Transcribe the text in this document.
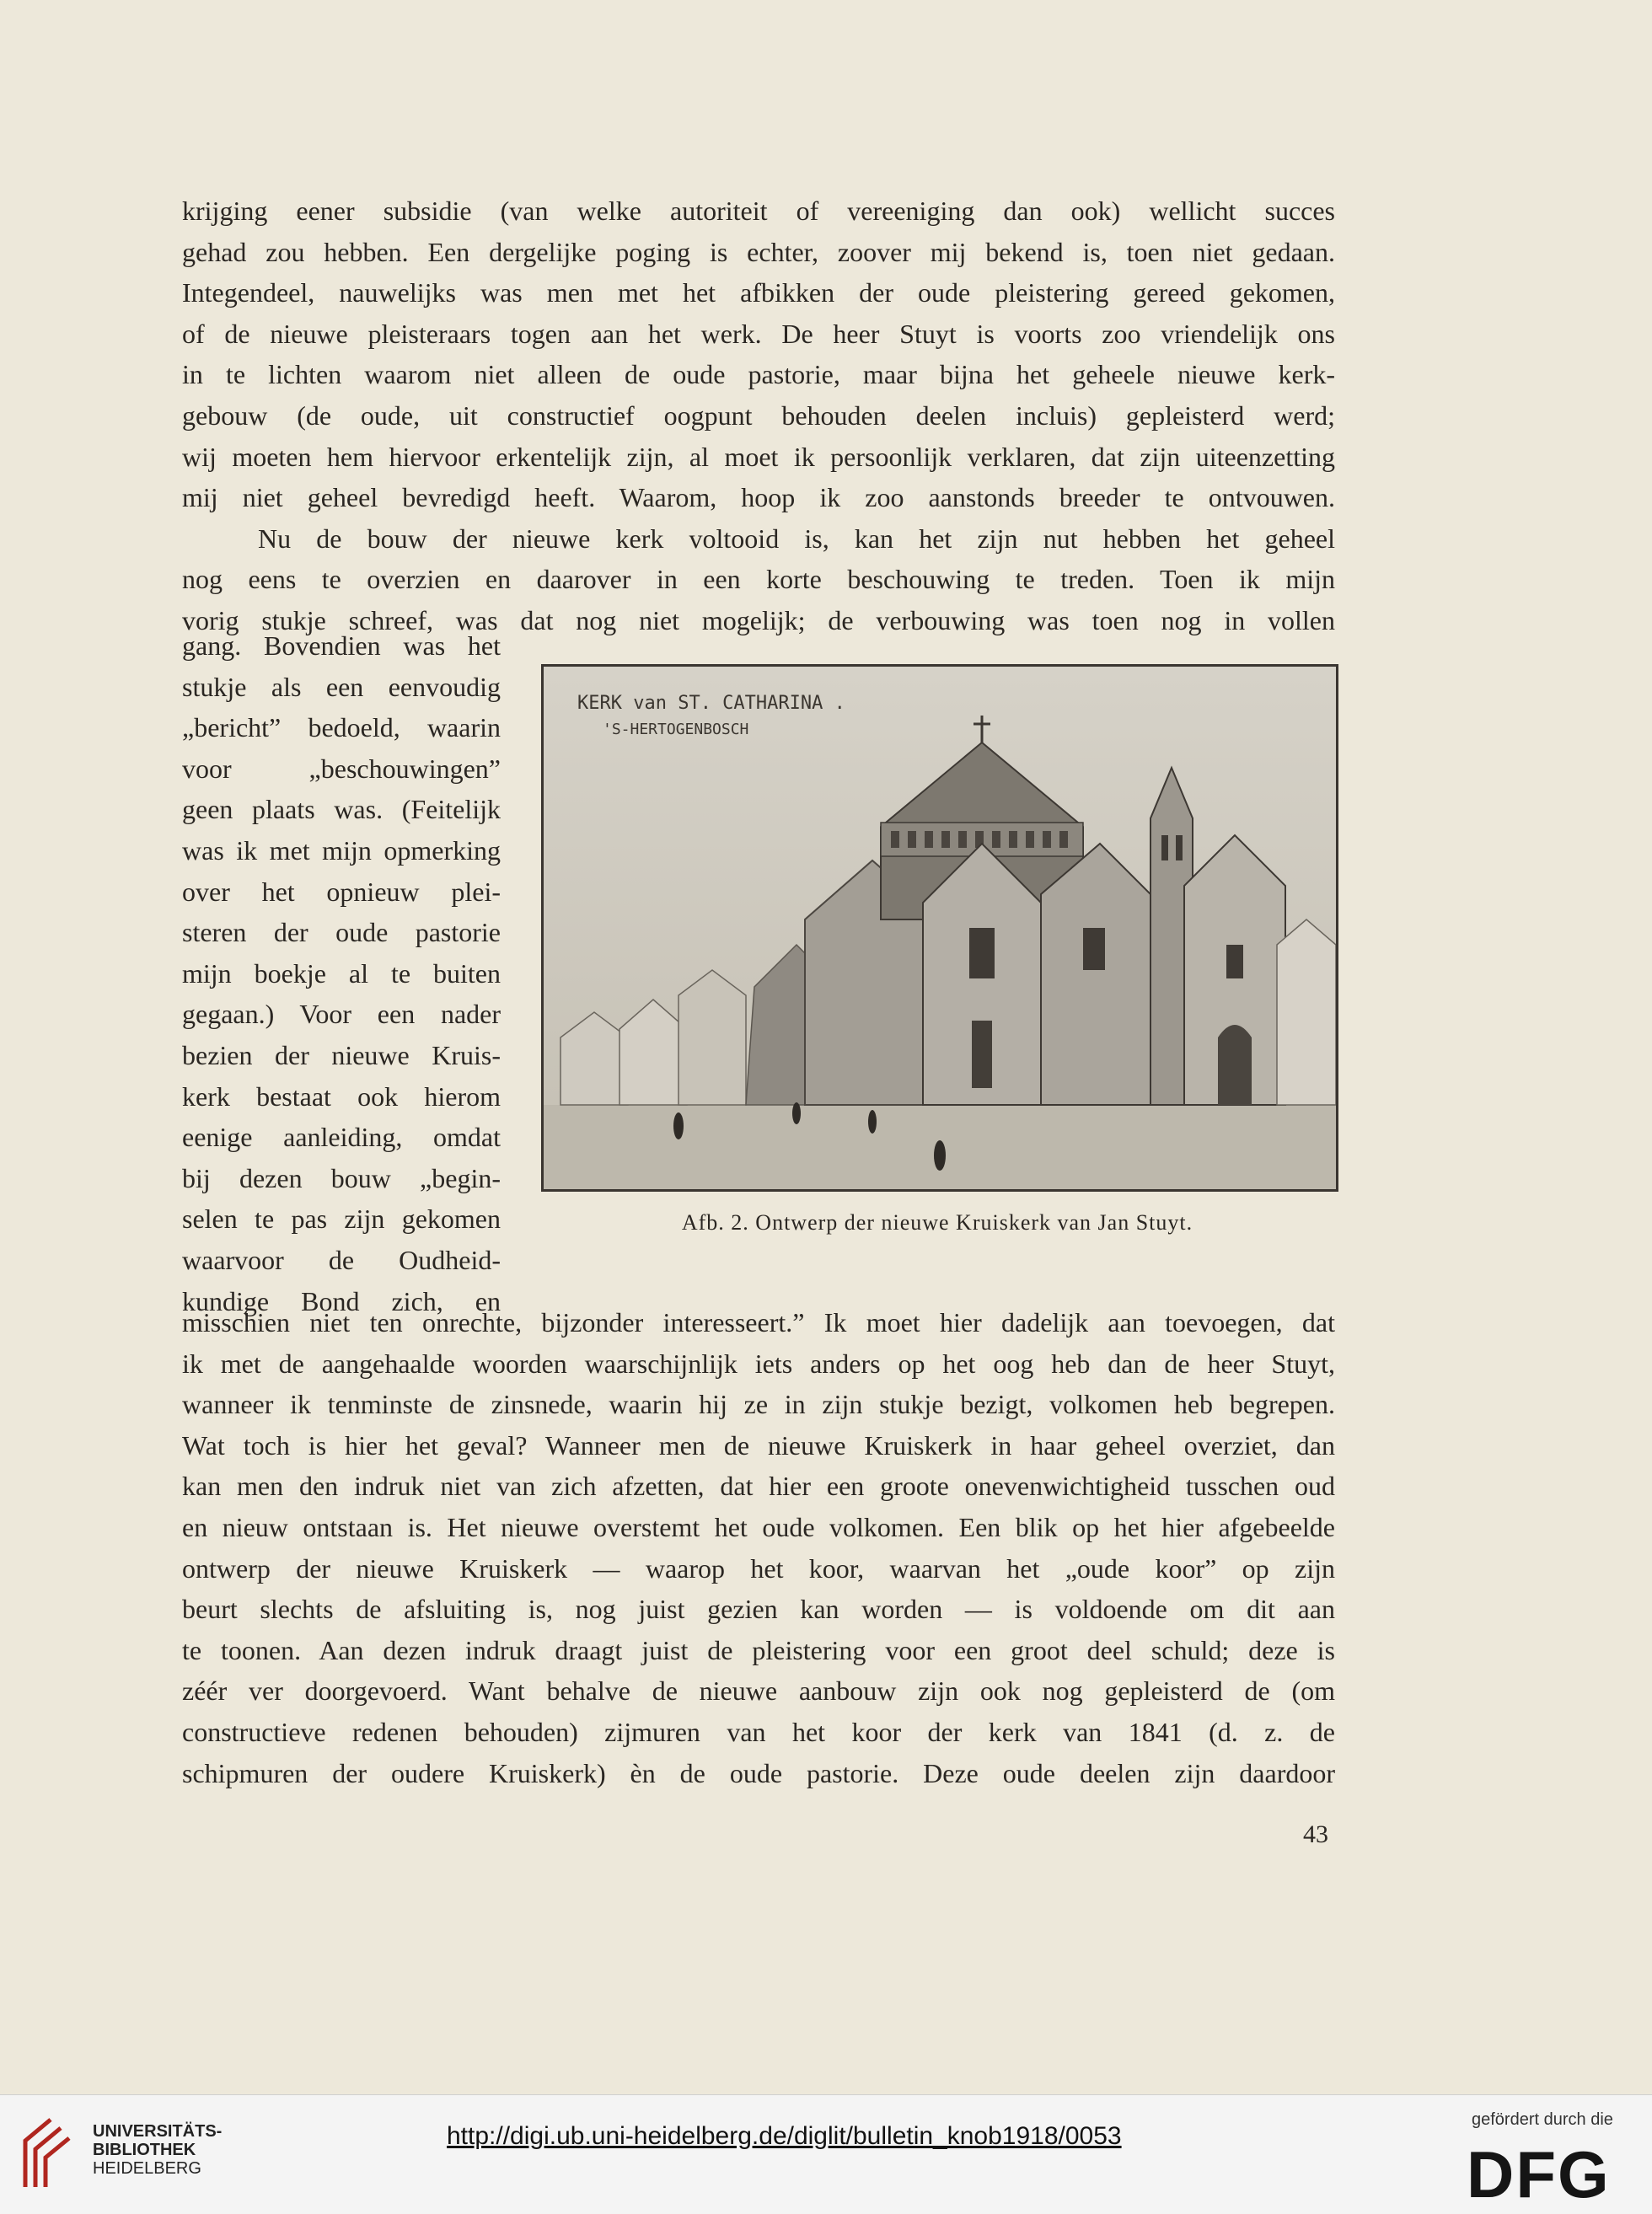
krijging eener subsidie (van welke autoriteit of vereeniging dan ook) wellicht succes
gehad zou hebben. Een dergelijke poging is echter, zoover mij bekend is, toen niet gedaan.
Integendeel, nauwelijks was men met het afbikken der oude pleistering gereed gekomen,
of de nieuwe pleisteraars togen aan het werk. De heer Stuyt is voorts zoo vriendelijk ons
in te lichten waarom niet alleen de oude pastorie, maar bijna het geheele nieuwe kerk-
gebouw (de oude, uit constructief oogpunt behouden deelen incluis) gepleisterd werd;
wij moeten hem hiervoor erkentelijk zijn, al moet ik persoonlijk verklaren, dat zijn uiteenzetting
mij niet geheel bevredigd heeft. Waarom, hoop ik zoo aanstonds breeder te ontvouwen.
Nu de bouw der nieuwe kerk voltooid is, kan het zijn nut hebben het geheel
nog eens te overzien en daarover in een korte beschouwing te treden. Toen ik mijn
vorig stukje schreef, was dat nog niet mogelijk; de verbouwing was toen nog in vollen
gang. Bovendien was het
stukje als een eenvoudig
„bericht” bedoeld, waarin
voor „beschouwingen”
geen plaats was. (Feitelijk
was ik met mijn opmerking
over het opnieuw plei-
steren der oude pastorie
mijn boekje al te buiten
gegaan.) Voor een nader
bezien der nieuwe Kruis-
kerk bestaat ook hierom
eenige aanleiding, omdat
bij dezen bouw „begin-
selen te pas zijn gekomen
waarvoor de Oudheid-
kundige Bond zich, en
KERK van ST. CATHARINA .
'S-HERTOGENBOSCH
Afb. 2. Ontwerp der nieuwe Kruiskerk van Jan Stuyt.
misschien niet ten onrechte, bijzonder interesseert.” Ik moet hier dadelijk aan toevoegen, dat
ik met de aangehaalde woorden waarschijnlijk iets anders op het oog heb dan de heer Stuyt,
wanneer ik tenminste de zinsnede, waarin hij ze in zijn stukje bezigt, volkomen heb begrepen.
Wat toch is hier het geval? Wanneer men de nieuwe Kruiskerk in haar geheel overziet, dan
kan men den indruk niet van zich afzetten, dat hier een groote onevenwichtigheid tusschen oud
en nieuw ontstaan is. Het nieuwe overstemt het oude volkomen. Een blik op het hier afgebeelde
ontwerp der nieuwe Kruiskerk — waarop het koor, waarvan het „oude koor” op zijn
beurt slechts de afsluiting is, nog juist gezien kan worden — is voldoende om dit aan
te toonen. Aan dezen indruk draagt juist de pleistering voor een groot deel schuld; deze is
zéér ver doorgevoerd. Want behalve de nieuwe aanbouw zijn ook nog gepleisterd de (om
constructieve redenen behouden) zijmuren van het koor der kerk van 1841 (d. z. de
schipmuren der oudere Kruiskerk) èn de oude pastorie. Deze oude deelen zijn daardoor
43
UNIVERSITÄTS-
BIBLIOTHEK
HEIDELBERG
http://digi.ub.uni-heidelberg.de/diglit/bulletin_knob1918/0053
gefördert durch die
DFG
